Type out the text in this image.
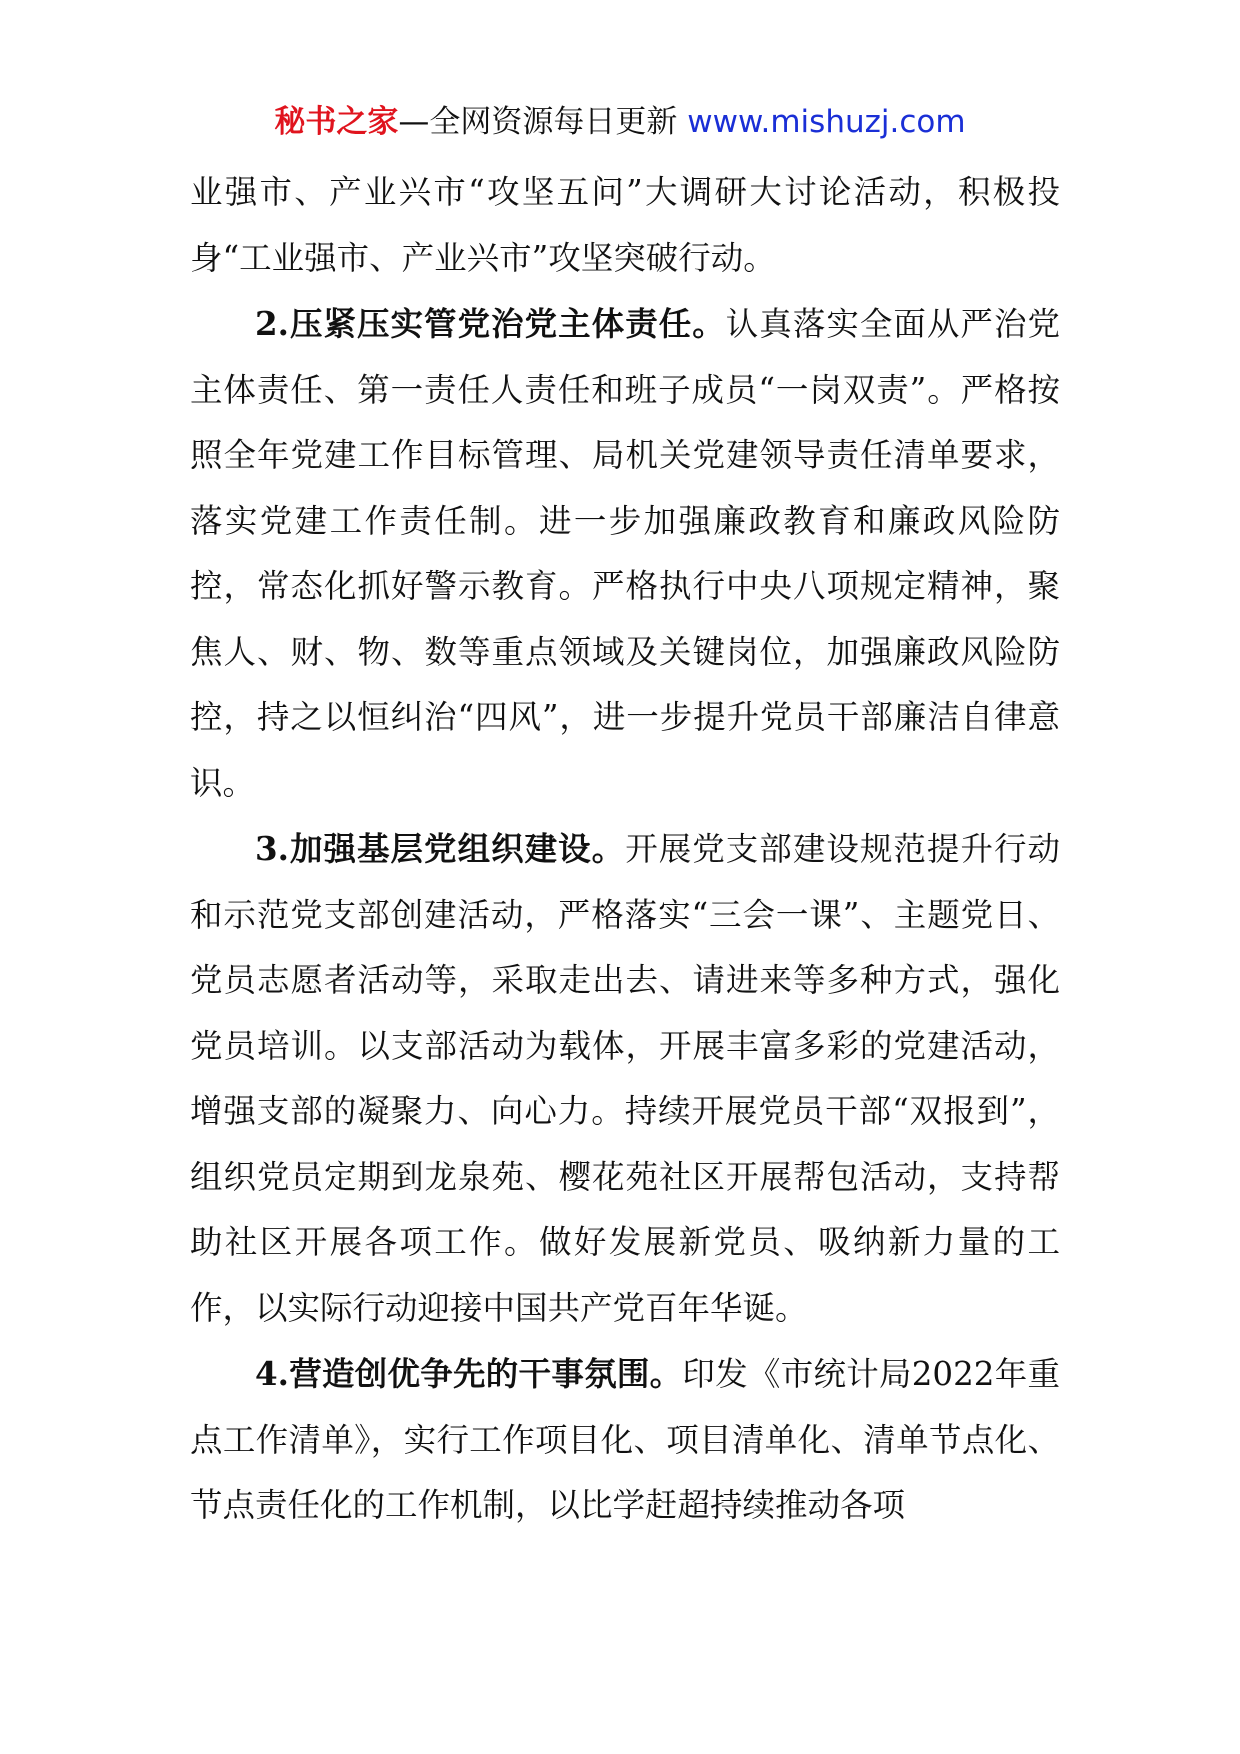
秘书之家—全网资源每日更新 www.mishuzj.com

业强市、产业兴市“攻坚五问”大调研大讨论活动，积极投身“工业强市、产业兴市”攻坚突破行动。

2.压紧压实管党治党主体责任。认真落实全面从严治党主体责任、第一责任人责任和班子成员“一岗双责”。严格按照全年党建工作目标管理、局机关党建领导责任清单要求，落实党建工作责任制。进一步加强廉政教育和廉政风险防控，常态化抓好警示教育。严格执行中央八项规定精神，聚焦人、财、物、数等重点领域及关键岗位，加强廉政风险防控，持之以恒纠治“四风”，进一步提升党员干部廉洁自律意识。

3.加强基层党组织建设。开展党支部建设规范提升行动和示范党支部创建活动，严格落实“三会一课”、主题党日、党员志愿者活动等，采取走出去、请进来等多种方式，强化党员培训。以支部活动为载体，开展丰富多彩的党建活动，增强支部的凝聚力、向心力。持续开展党员干部“双报到”，组织党员定期到龙泉苑、樱花苑社区开展帮包活动，支持帮助社区开展各项工作。做好发展新党员、吸纳新力量的工作，以实际行动迎接中国共产党百年华诞。

4.营造创优争先的干事氛围。印发《市统计局2022年重点工作清单》，实行工作项目化、项目清单化、清单节点化、节点责任化的工作机制，以比学赶超持续推动各项
